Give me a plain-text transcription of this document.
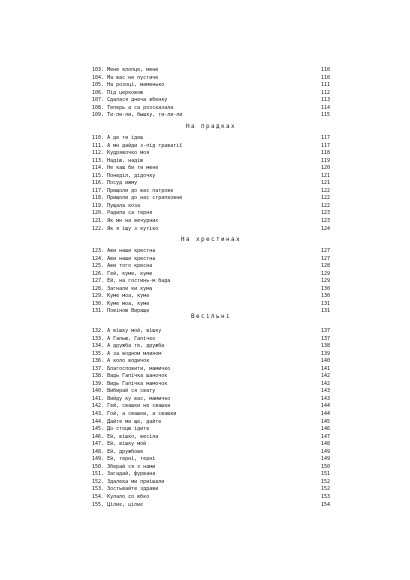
103. Мене клопце, мене	110
104. Ма вас не пустиче	110
105. На розоці, маменько	111
106. Під церковою	112
107. Сдалася днеча вбенку	113
108. Теперь а са розсказала	114
109. Ти-ли-ли, бышку, ти-ли-ли	115
На прадках
110. А де ти ідеш	117
111. А мн дайди з-під граватії	117
112. Кудрявочко моя	118
113. Надію, надію	119
114. Не каш би ти мене	120
115. Понеділ, дідочку	121
116. Посуд ижму	121
117. Прищоли до вас патрове	122
118. Прищоли до нас страпковне	122
119. Пущала коза	122
120. Радила са терня	123
121. Як мн на вечурних	123
122. Як я іщу з кутіко	124
На хрестинах
123. Ави наши крестна	127
124. Ави наши крестна	127
125. Ави того кресна	128
126. Гей, куме, куме	129
127. Ей, на гостинь-м бада	129
128. Загнали ки кума	130
129. Куме моа, куме	130
130. Куме моа, куме	131
131. Повіною Вираще	131
Весільні
132. А вішку мой, вішку	137
133. А Гапью, Гапічко	137
134. А дружба те, дружба	138
135. А за водном млином	139
136. А коло водичок	140
137. Благословити, мамичко	141
138. Вадь Гапічка шаночок	142
139. Видь Гапічка мамочок	142
140. Вибирай ся свату	143
141. Вийду ку вас, мамичко	143
142. Гей, свашки не свашки	144
143. Гой, а свашки, а свашки	144
144. Дайте ми ще, дайте	145
145. До стоцю ідите	146
146. Ей, вішко, весіла	147
147. Ей, вішку мой	148
148. Ей, дружбове	149
149. Ей, терні, терні	149
150. Зберай ся з нами	150
151. Загадай, фурвана	151
152. Здалека ми приішали	152
153. Зостьвайте здрави	152
154. Кулало со вбко	153
155. Цілиє, цілиє	154
